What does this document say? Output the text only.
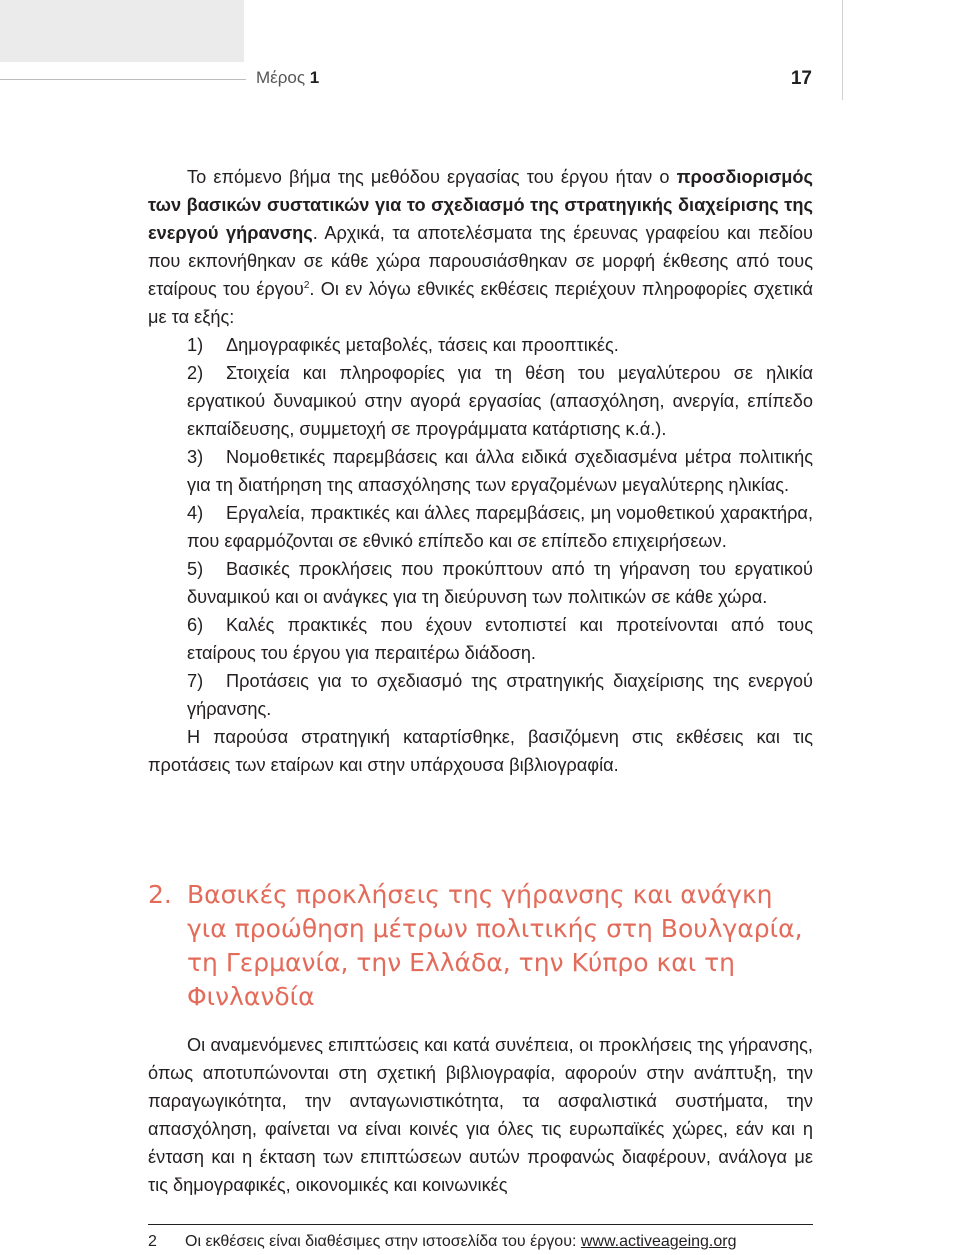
Μέρος 1	17
Το επόμενο βήμα της μεθόδου εργασίας του έργου ήταν ο προσδιορισμός των βασικών συστατικών για το σχεδιασμό της στρατηγικής διαχείρισης της ενεργού γήρανσης. Αρχικά, τα αποτελέσματα της έρευνας γραφείου και πεδίου που εκπονήθηκαν σε κάθε χώρα παρουσιάσθηκαν σε μορφή έκθεσης από τους εταίρους του έργου$^2$. Οι εν λόγω εθνικές εκθέσεις περιέχουν πληροφορίες σχετικά με τα εξής:
1) Δημογραφικές μεταβολές, τάσεις και προοπτικές.
2) Στοιχεία και πληροφορίες για τη θέση του μεγαλύτερου σε ηλικία εργατικού δυναμικού στην αγορά εργασίας (απασχόληση, ανεργία, επίπεδο εκπαίδευσης, συμμετοχή σε προγράμματα κατάρτισης κ.ά.).
3) Νομοθετικές παρεμβάσεις και άλλα ειδικά σχεδιασμένα μέτρα πολιτικής για τη διατήρηση της απασχόλησης των εργαζομένων μεγαλύτερης ηλικίας.
4) Εργαλεία, πρακτικές και άλλες παρεμβάσεις, μη νομοθετικού χαρακτήρα, που εφαρμόζονται σε εθνικό επίπεδο και σε επίπεδο επιχειρήσεων.
5) Βασικές προκλήσεις που προκύπτουν από τη γήρανση του εργατικού δυναμικού και οι ανάγκες για τη διεύρυνση των πολιτικών σε κάθε χώρα.
6) Καλές πρακτικές που έχουν εντοπιστεί και προτείνονται από τους εταίρους του έργου για περαιτέρω διάδοση.
7) Προτάσεις για το σχεδιασμό της στρατηγικής διαχείρισης της ενεργού γήρανσης.
Η παρούσα στρατηγική καταρτίσθηκε, βασιζόμενη στις εκθέσεις και τις προτάσεις των εταίρων και στην υπάρχουσα βιβλιογραφία.
2. Βασικές προκλήσεις της γήρανσης και ανάγκη για προώθηση μέτρων πολιτικής στη Βουλγαρία, τη Γερμανία, την Ελλάδα, την Κύπρο και τη Φινλανδία
Οι αναμενόμενες επιπτώσεις και κατά συνέπεια, οι προκλήσεις της γήρανσης, όπως αποτυπώνονται στη σχετική βιβλιογραφία, αφορούν στην ανάπτυξη, την παραγωγικότητα, την ανταγωνιστικότητα, τα ασφαλιστικά συστήματα, την απασχόληση, φαίνεται να είναι κοινές για όλες τις ευρωπαϊκές χώρες, εάν και η ένταση και η έκταση των επιπτώσεων αυτών προφανώς διαφέρουν, ανάλογα με τις δημογραφικές, οικονομικές και κοινωνικές
2	Οι εκθέσεις είναι διαθέσιμες στην ιστοσελίδα του έργου: www.activeageing.org
